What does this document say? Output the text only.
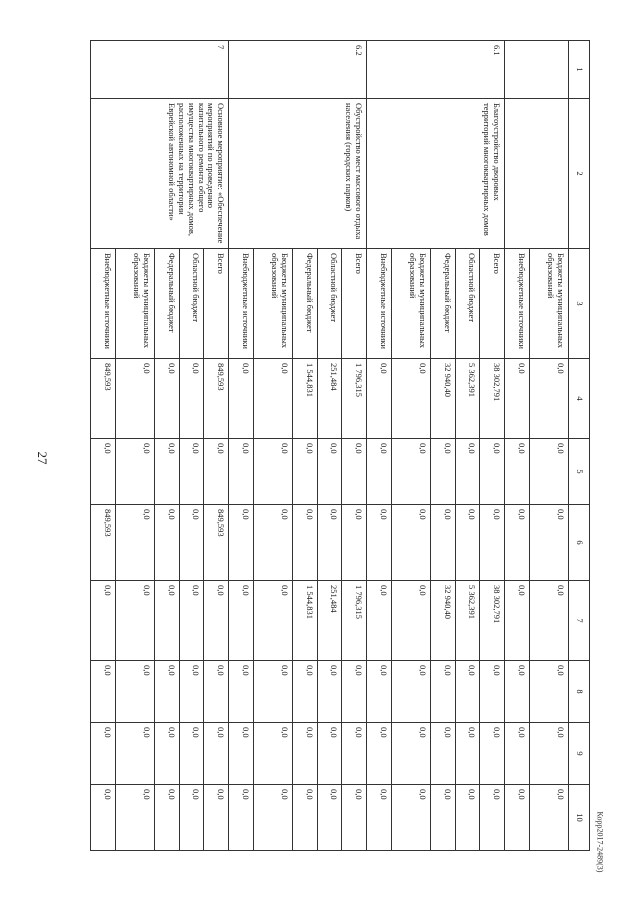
27
Корр2017-2489(3)
1	2	3	4	5	6	7	8	9	10
		Бюджеты муниципальных образований	0,0	0,0	0,0	0,0	0,0	0,0	0,0
		Внебюджетные источники	0,0	0,0	0,0	0,0	0,0	0,0	0,0
6.1	Благоустройство дворовых территорий многоквартирных домов	Всего	38 302,791	0,0	0,0	38 302,791	0,0	0,0	0,0
		Областной бюджет	5 362,391	0,0	0,0	5 362,391	0,0	0,0	0,0
		Федеральный бюджет	32 940,40	0,0	0,0	32 940,40	0,0	0,0	0,0
		Бюджеты муниципальных образований	0,0	0,0	0,0	0,0	0,0	0,0	0,0
		Внебюджетные источники	0,0	0,0	0,0	0,0	0,0	0,0	0,0
6.2	Обустройство мест массового отдыха населения (городских парков)	Всего	1 796,315	0,0	0,0	1 796,315	0,0	0,0	0,0
		Областной бюджет	251,484	0,0	0,0	251,484	0,0	0,0	0,0
		Федеральный бюджет	1 544,831	0,0	0,0	1 544,831	0,0	0,0	0,0
		Бюджеты муниципальных образований	0,0	0,0	0,0	0,0	0,0	0,0	0,0
		Внебюджетные источники	0,0	0,0	0,0	0,0	0,0	0,0	0,0
7	Основное мероприятие: «Обеспечение мероприятий по проведению капитального ремонта общего имущества многоквартирных домов, расположенных на территории Еврейской автономной области»	Всего	849,593	0,0	849,593	0,0	0,0	0,0	0,0
		Областной бюджет	0,0	0,0	0,0	0,0	0,0	0,0	0,0
		Федеральный бюджет	0,0	0,0	0,0	0,0	0,0	0,0	0,0
		Бюджеты муниципальных образований	0,0	0,0	0,0	0,0	0,0	0,0	0,0
		Внебюджетные источники	849,593	0,0	849,593	0,0	0,0	0,0	0,0
